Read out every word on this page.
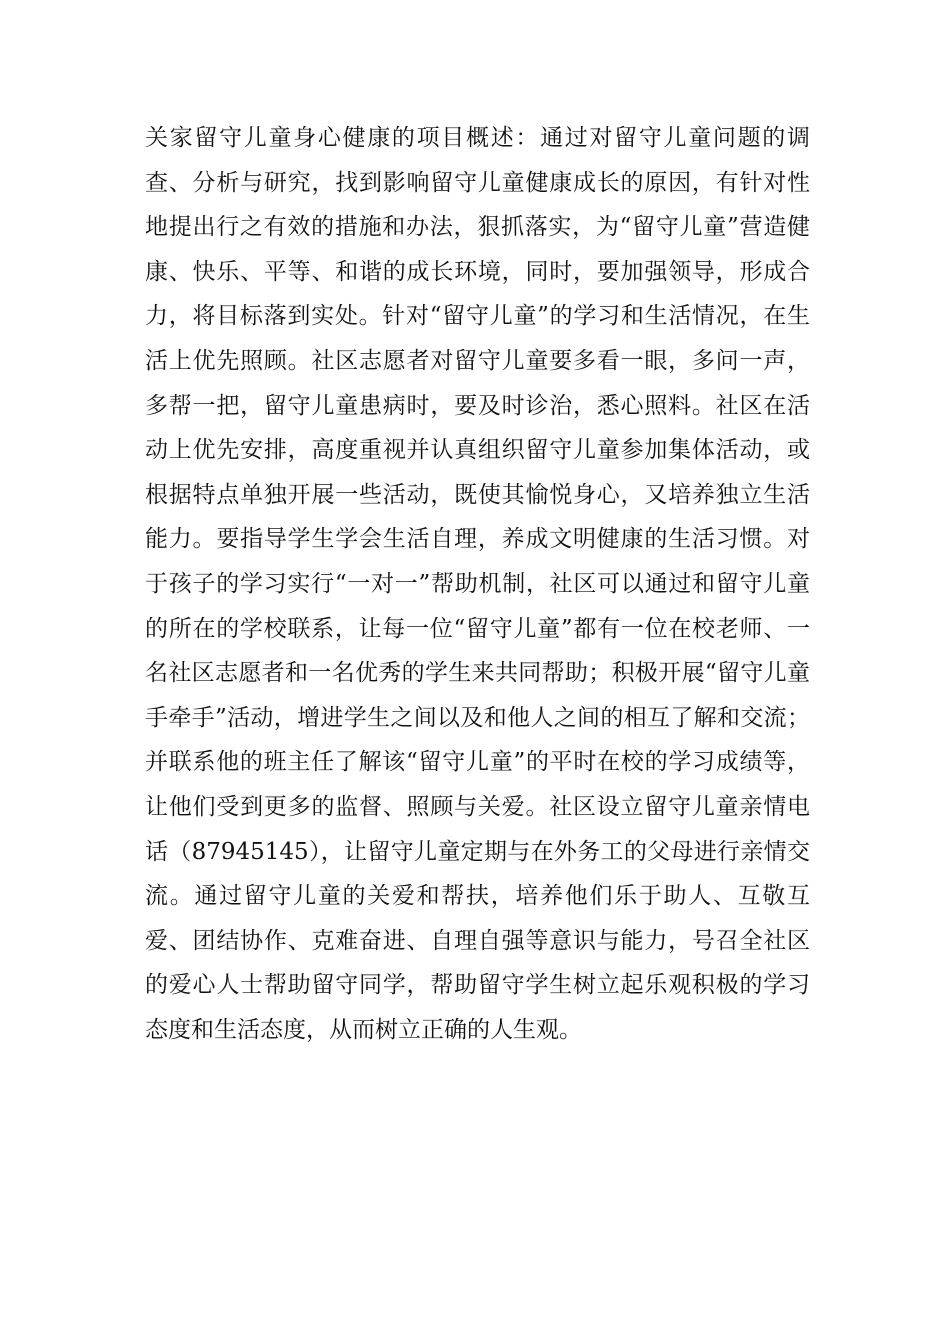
关家留守儿童身心健康的项目概述：通过对留守儿童问题的调查、分析与研究，找到影响留守儿童健康成长的原因，有针对性地提出行之有效的措施和办法，狠抓落实，为“留守儿童”营造健康、快乐、平等、和谐的成长环境，同时，要加强领导，形成合力，将目标落到实处。针对“留守儿童”的学习和生活情况，在生活上优先照顾。社区志愿者对留守儿童要多看一眼，多问一声，多帮一把，留守儿童患病时，要及时诊治，悉心照料。社区在活动上优先安排，高度重视并认真组织留守儿童参加集体活动，或根据特点单独开展一些活动，既使其愉悦身心，又培养独立生活能力。要指导学生学会生活自理，养成文明健康的生活习惯。对于孩子的学习实行“一对一”帮助机制，社区可以通过和留守儿童的所在的学校联系，让每一位“留守儿童”都有一位在校老师、一名社区志愿者和一名优秀的学生来共同帮助；积极开展“留守儿童手牵手”活动，增进学生之间以及和他人之间的相互了解和交流；并联系他的班主任了解该“留守儿童”的平时在校的学习成绩等，让他们受到更多的监督、照顾与关爱。社区设立留守儿童亲情电话（87945145），让留守儿童定期与在外务工的父母进行亲情交流。通过留守儿童的关爱和帮扶，培养他们乐于助人、互敬互爱、团结协作、克难奋进、自理自强等意识与能力，号召全社区的爱心人士帮助留守同学，帮助留守学生树立起乐观积极的学习态度和生活态度，从而树立正确的人生观。
